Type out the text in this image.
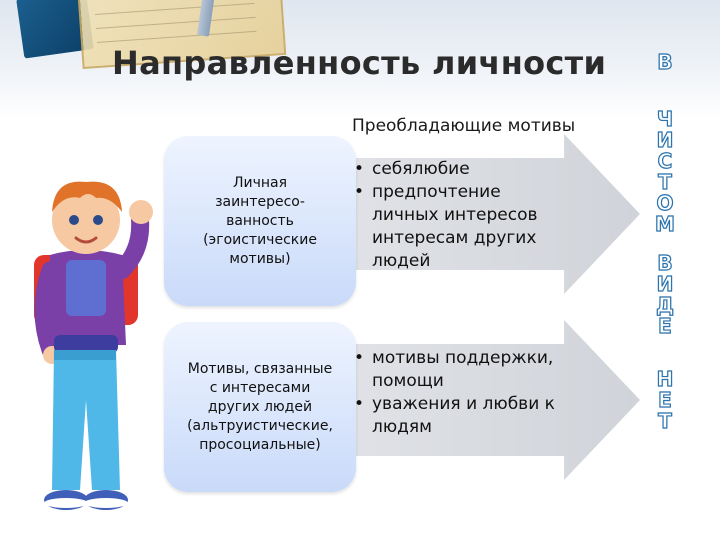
Направленность личности
Преобладающие мотивы
Личная
заинтересо-
ванность
(эгоистические
мотивы)
Мотивы, связанные
с интересами
других людей
(альтруистические,
просоциальные)
• себялюбие
• предпочтение
личных интересов
интересам других
людей
• мотивы поддержки,
помощи
• уважения и любви к
людям
В
Ч
И
С
Т
О
М
В
И
Д
Е
Н
Е
Т
